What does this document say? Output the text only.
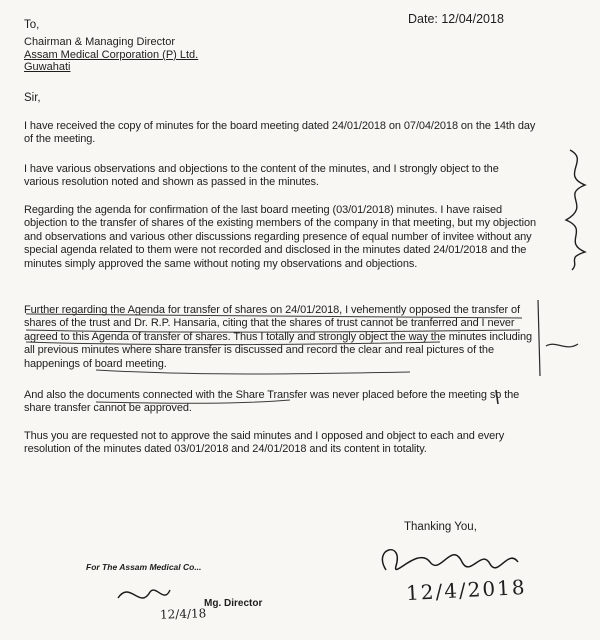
To,	Date: 12/04/2018
Chairman & Managing Director
Assam Medical Corporation (P) Ltd.
Guwahati
Sir,

I have received the copy of minutes for the board meeting dated 24/01/2018 on 07/04/2018 on the 14th day of the meeting.

I have various observations and objections to the content of the minutes, and I strongly object to the various resolution noted and shown as passed in the minutes.

Regarding the agenda for confirmation of the last board meeting (03/01/2018) minutes. I have raised objection to the transfer of shares of the existing members of the company in that meeting, but my objection and observations and various other discussions regarding presence of equal number of invitee without any special agenda related to them were not recorded and disclosed in the minutes dated 24/01/2018 and the minutes simply approved the same without noting my observations and objections.

Further regarding the Agenda for transfer of shares on 24/01/2018, I vehemently opposed the transfer of shares of the trust and Dr. R.P. Hansaria, citing that the shares of trust cannot be tranferred and I never agreed to this Agenda of transfer of shares. Thus I totally and strongly object the way the minutes including all previous minutes where share transfer is discussed and record the clear and real pictures of the happenings of board meeting.

And also the documents connected with the Share Transfer was never placed before the meeting so the share transfer cannot be approved.

Thus you are requested not to approve the said minutes and I opposed and object to each and every resolution of the minutes dated 03/01/2018 and 24/01/2018 and its content in totality.

Thanking You,
For The Assam Medical Co...
Mg. Director
12/4/18
12/4/2018
